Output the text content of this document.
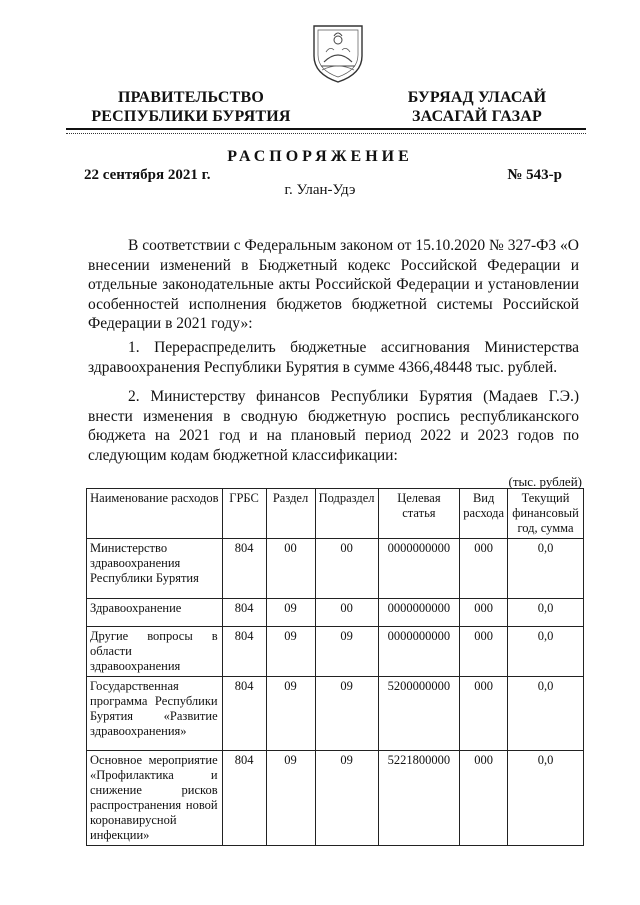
ПРАВИТЕЛЬСТВО
РЕСПУБЛИКИ БУРЯТИЯ
БУРЯАД УЛАСАЙ
ЗАСАГАЙ ГАЗАР
РАСПОРЯЖЕНИЕ
22 сентября 2021 г.	№ 543-р
г. Улан-Удэ

В соответствии с Федеральным законом от 15.10.2020 № 327-ФЗ «О внесении изменений в Бюджетный кодекс Российской Федерации и отдельные законодательные акты Российской Федерации и установлении особенностей исполнения бюджетов бюджетной системы Российской Федерации в 2021 году»:

1. Перераспределить бюджетные ассигнования Министерства здравоохранения Республики Бурятия в сумме 4366,48448 тыс. рублей.

2. Министерству финансов Республики Бурятия (Мадаев Г.Э.) внести изменения в сводную бюджетную роспись республиканского бюджета на 2021 год и на плановый период 2022 и 2023 годов по следующим кодам бюджетной классификации:

(тыс. рублей)
Наименование расходов	ГРБС	Раздел	Подраздел	Целевая статья	Вид расхода	Текущий финансовый год, сумма
Министерство здравоохранения Республики Бурятия	804	00	00	0000000000	000	0,0
Здравоохранение	804	09	00	0000000000	000	0,0
Другие вопросы в области здравоохранения	804	09	09	0000000000	000	0,0
Государственная программа Республики Бурятия «Развитие здравоохранения»	804	09	09	5200000000	000	0,0
Основное мероприятие «Профилактика и снижение рисков распространения новой коронавирусной инфекции»	804	09	09	5221800000	000	0,0
